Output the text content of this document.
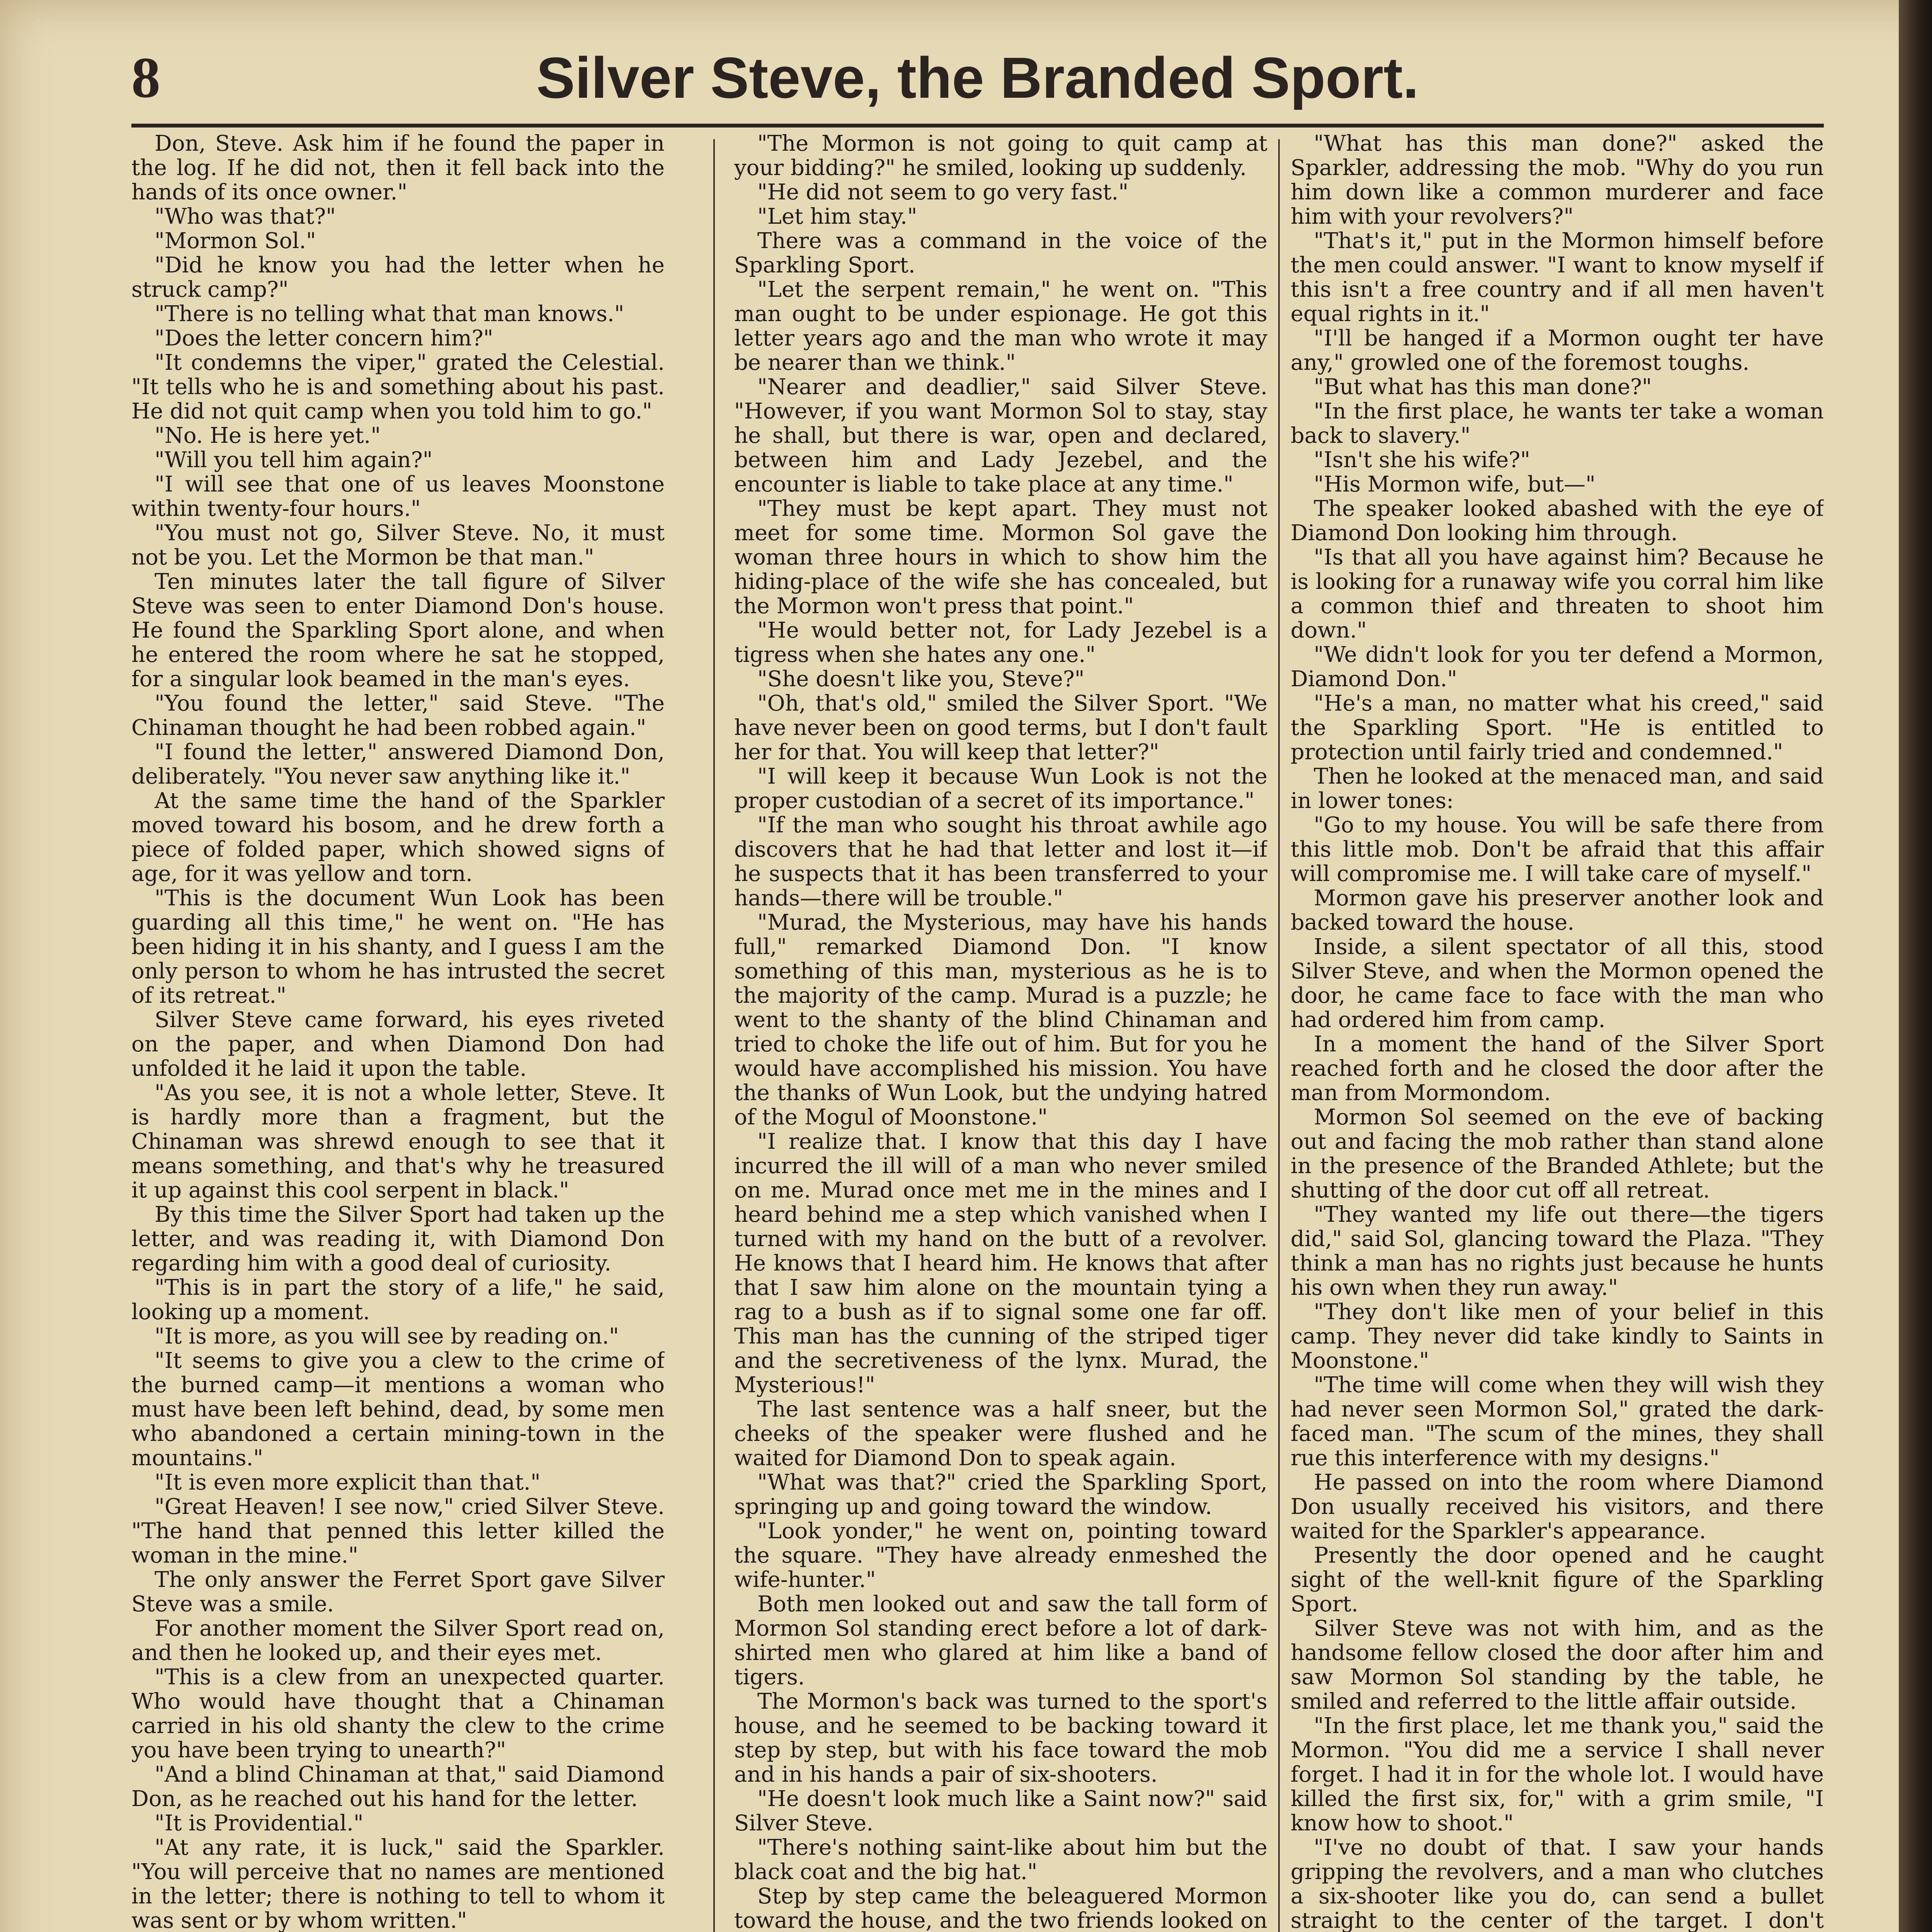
8	Silver Steve, the Branded Sport.

Don, Steve. Ask him if he found the paper in the log. If he did not, then it fell back into the hands of its once owner."

"Who was that?"

"Mormon Sol."

"Did he know you had the letter when he struck camp?"

"There is no telling what that man knows."

"Does the letter concern him?"

"It condemns the viper," grated the Celestial. "It tells who he is and something about his past. He did not quit camp when you told him to go."

"No. He is here yet."

"Will you tell him again?"

"I will see that one of us leaves Moonstone within twenty-four hours."

"You must not go, Silver Steve. No, it must not be you. Let the Mormon be that man."

Ten minutes later the tall figure of Silver Steve was seen to enter Diamond Don's house. He found the Sparkling Sport alone, and when he entered the room where he sat he stopped, for a singular look beamed in the man's eyes.

"You found the letter," said Steve. "The Chinaman thought he had been robbed again."

"I found the letter," answered Diamond Don, deliberately. "You never saw anything like it."

At the same time the hand of the Sparkler moved toward his bosom, and he drew forth a piece of folded paper, which showed signs of age, for it was yellow and torn.

"This is the document Wun Look has been guarding all this time," he went on. "He has been hiding it in his shanty, and I guess I am the only person to whom he has intrusted the secret of its retreat."

Silver Steve came forward, his eyes riveted on the paper, and when Diamond Don had unfolded it he laid it upon the table.

"As you see, it is not a whole letter, Steve. It is hardly more than a fragment, but the Chinaman was shrewd enough to see that it means something, and that's why he treasured it up against this cool serpent in black."

By this time the Silver Sport had taken up the letter, and was reading it, with Diamond Don regarding him with a good deal of curiosity.

"This is in part the story of a life," he said, looking up a moment.

"It is more, as you will see by reading on."

"It seems to give you a clew to the crime of the burned camp—it mentions a woman who must have been left behind, dead, by some men who abandoned a certain mining-town in the mountains."

"It is even more explicit than that."

"Great Heaven! I see now," cried Silver Steve. "The hand that penned this letter killed the woman in the mine."

The only answer the Ferret Sport gave Silver Steve was a smile.

For another moment the Silver Sport read on, and then he looked up, and their eyes met.

"This is a clew from an unexpected quarter. Who would have thought that a Chinaman carried in his old shanty the clew to the crime you have been trying to unearth?"

"And a blind Chinaman at that," said Diamond Don, as he reached out his hand for the letter.

"It is Providential."

"At any rate, it is luck," said the Sparkler. "You will perceive that no names are mentioned in the letter; there is nothing to tell to whom it was sent or by whom written."

"The Mormon is not going to quit camp at your bidding?" he smiled, looking up suddenly.

"He did not seem to go very fast."

"Let him stay."

There was a command in the voice of the Sparkling Sport.

"Let the serpent remain," he went on. "This man ought to be under espionage. He got this letter years ago and the man who wrote it may be nearer than we think."

"Nearer and deadlier," said Silver Steve. "However, if you want Mormon Sol to stay, stay he shall, but there is war, open and declared, between him and Lady Jezebel, and the encounter is liable to take place at any time."

"They must be kept apart. They must not meet for some time. Mormon Sol gave the woman three hours in which to show him the hiding-place of the wife she has concealed, but the Mormon won't press that point."

"He would better not, for Lady Jezebel is a tigress when she hates any one."

"She doesn't like you, Steve?"

"Oh, that's old," smiled the Silver Sport. "We have never been on good terms, but I don't fault her for that. You will keep that letter?"

"I will keep it because Wun Look is not the proper custodian of a secret of its importance."

"If the man who sought his throat awhile ago discovers that he had that letter and lost it—if he suspects that it has been transferred to your hands—there will be trouble."

"Murad, the Mysterious, may have his hands full," remarked Diamond Don. "I know something of this man, mysterious as he is to the majority of the camp. Murad is a puzzle; he went to the shanty of the blind Chinaman and tried to choke the life out of him. But for you he would have accomplished his mission. You have the thanks of Wun Look, but the undying hatred of the Mogul of Moonstone."

"I realize that. I know that this day I have incurred the ill will of a man who never smiled on me. Murad once met me in the mines and I heard behind me a step which vanished when I turned with my hand on the butt of a revolver. He knows that I heard him. He knows that after that I saw him alone on the mountain tying a rag to a bush as if to signal some one far off. This man has the cunning of the striped tiger and the secretiveness of the lynx. Murad, the Mysterious!"

The last sentence was a half sneer, but the cheeks of the speaker were flushed and he waited for Diamond Don to speak again.

"What was that?" cried the Sparkling Sport, springing up and going toward the window.

"Look yonder," he went on, pointing toward the square. "They have already enmeshed the wife-hunter."

Both men looked out and saw the tall form of Mormon Sol standing erect before a lot of dark-shirted men who glared at him like a band of tigers.

The Mormon's back was turned to the sport's house, and he seemed to be backing toward it step by step, but with his face toward the mob and in his hands a pair of six-shooters.

"He doesn't look much like a Saint now?" said Silver Steve.

"There's nothing saint-like about him but the black coat and the big hat."

Step by step came the beleaguered Mormon toward the house, and the two friends looked on

"What has this man done?" asked the Sparkler, addressing the mob. "Why do you run him down like a common murderer and face him with your revolvers?"

"That's it," put in the Mormon himself before the men could answer. "I want to know myself if this isn't a free country and if all men haven't equal rights in it."

"I'll be hanged if a Mormon ought ter have any," growled one of the foremost toughs.

"But what has this man done?"

"In the first place, he wants ter take a woman back to slavery."

"Isn't she his wife?"

"His Mormon wife, but—"

The speaker looked abashed with the eye of Diamond Don looking him through.

"Is that all you have against him? Because he is looking for a runaway wife you corral him like a common thief and threaten to shoot him down."

"We didn't look for you ter defend a Mormon, Diamond Don."

"He's a man, no matter what his creed," said the Sparkling Sport. "He is entitled to protection until fairly tried and condemned."

Then he looked at the menaced man, and said in lower tones:

"Go to my house. You will be safe there from this little mob. Don't be afraid that this affair will compromise me. I will take care of myself."

Mormon gave his preserver another look and backed toward the house.

Inside, a silent spectator of all this, stood Silver Steve, and when the Mormon opened the door, he came face to face with the man who had ordered him from camp.

In a moment the hand of the Silver Sport reached forth and he closed the door after the man from Mormondom.

Mormon Sol seemed on the eve of backing out and facing the mob rather than stand alone in the presence of the Branded Athlete; but the shutting of the door cut off all retreat.

"They wanted my life out there—the tigers did," said Sol, glancing toward the Plaza. "They think a man has no rights just because he hunts his own when they run away."

"They don't like men of your belief in this camp. They never did take kindly to Saints in Moonstone."

"The time will come when they will wish they had never seen Mormon Sol," grated the dark-faced man. "The scum of the mines, they shall rue this interference with my designs."

He passed on into the room where Diamond Don usually received his visitors, and there waited for the Sparkler's appearance.

Presently the door opened and he caught sight of the well-knit figure of the Sparkling Sport.

Silver Steve was not with him, and as the handsome fellow closed the door after him and saw Mormon Sol standing by the table, he smiled and referred to the little affair outside.

"In the first place, let me thank you," said the Mormon. "You did me a service I shall never forget. I had it in for the whole lot. I would have killed the first six, for," with a grim smile, "I know how to shoot."

"I've no doubt of that. I saw your hands gripping the revolvers, and a man who clutches a six-shooter like you do, can send a bullet straight to the center of the target. I don't
